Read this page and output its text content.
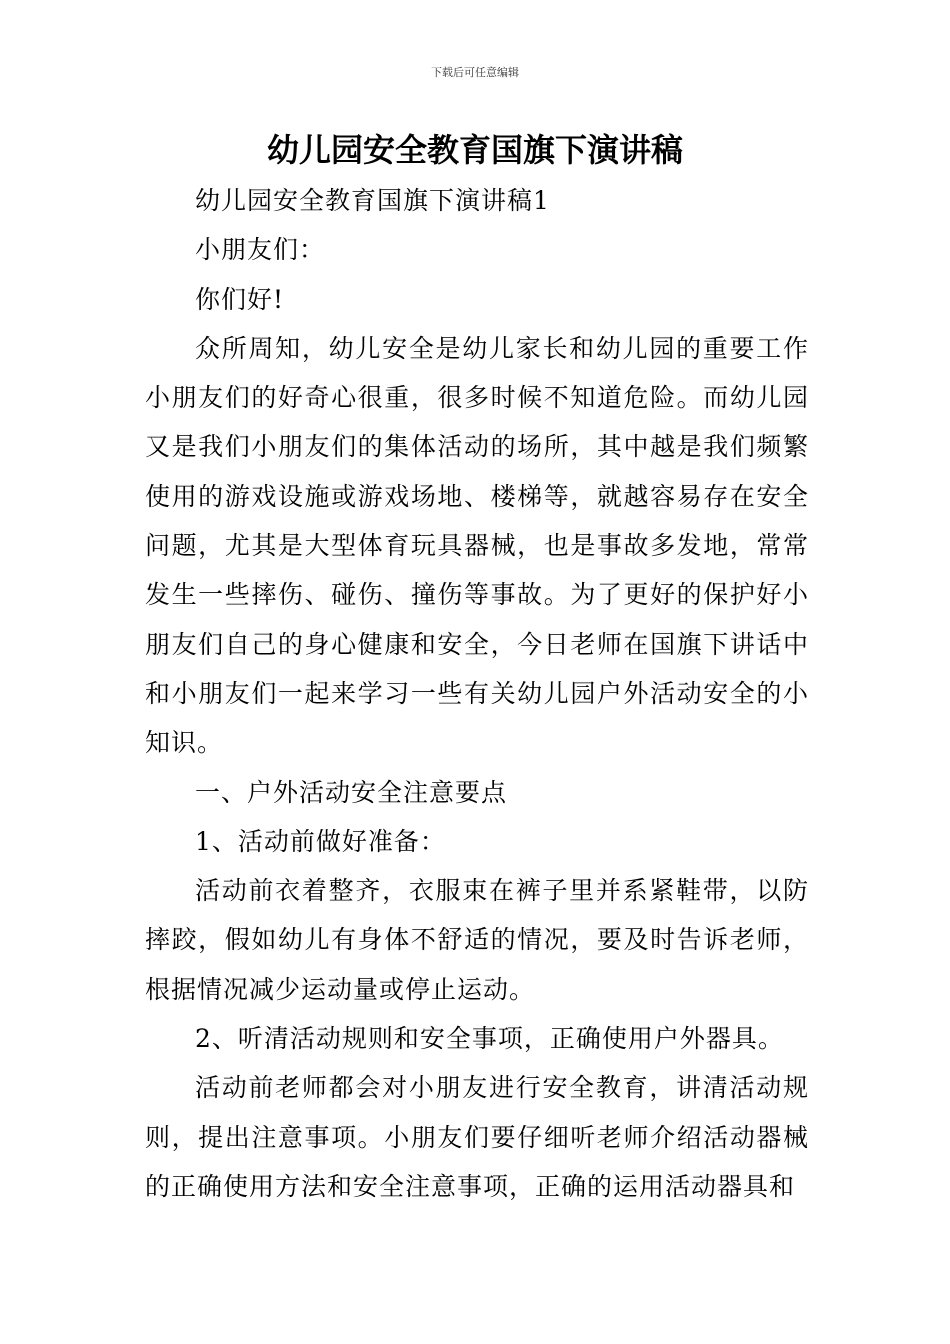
下载后可任意编辑
幼儿园安全教育国旗下演讲稿

幼儿园安全教育国旗下演讲稿1

小朋友们：

你们好!

众所周知，幼儿安全是幼儿家长和幼儿园的重要工作小朋友们的好奇心很重，很多时候不知道危险。而幼儿园又是我们小朋友们的集体活动的场所，其中越是我们频繁使用的游戏设施或游戏场地、楼梯等，就越容易存在安全问题，尤其是大型体育玩具器械，也是事故多发地，常常发生一些摔伤、碰伤、撞伤等事故。为了更好的保护好小朋友们自己的身心健康和安全，今日老师在国旗下讲话中和小朋友们一起来学习一些有关幼儿园户外活动安全的小知识。

一、户外活动安全注意要点

1、活动前做好准备：

活动前衣着整齐，衣服束在裤子里并系紧鞋带，以防摔跤，假如幼儿有身体不舒适的情况，要及时告诉老师，根据情况减少运动量或停止运动。

2、听清活动规则和安全事项，正确使用户外器具。

活动前老师都会对小朋友进行安全教育，讲清活动规则，提出注意事项。小朋友们要仔细听老师介绍活动器械的正确使用方法和安全注意事项，正确的运用活动器具和
